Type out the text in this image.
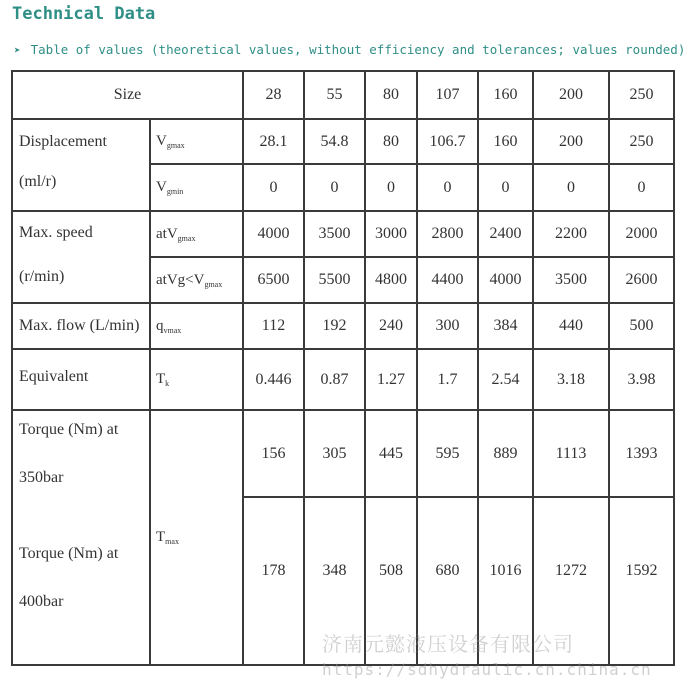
Technical Data
➤ Table of values (theoretical values, without efficiency and tolerances; values rounded)
Size		28	55	80	107	160	200	250

Displacement
(ml/r)	$V_{gmax}$	28.1	54.8	80	106.7	160	200	250
	$V_{gmin}$	0	0	0	0	0	0	0

Max. speed
(r/min)	atV$_{gmax}$	4000	3500	3000	2800	2400	2200	2000
	$atVg<V_{gmax}$	6500	5500	4800	4400	4000	3500	2600
Max. flow (L/min)	$q_{vmax}$	112	192	240	300	384	440	500
Equivalent	$T_k$	0.446	0.87	1.27	1.7	2.54	3.18	3.98

Torque (Nm) at
350bar	$T_{max}$	156	305	445	595	889	1113	1393

Torque (Nm) at
400bar		178	348	508	680	1016	1272	1592
济南元懿液压设备有限公司
https://sdhydraulic.cn.china.cn
